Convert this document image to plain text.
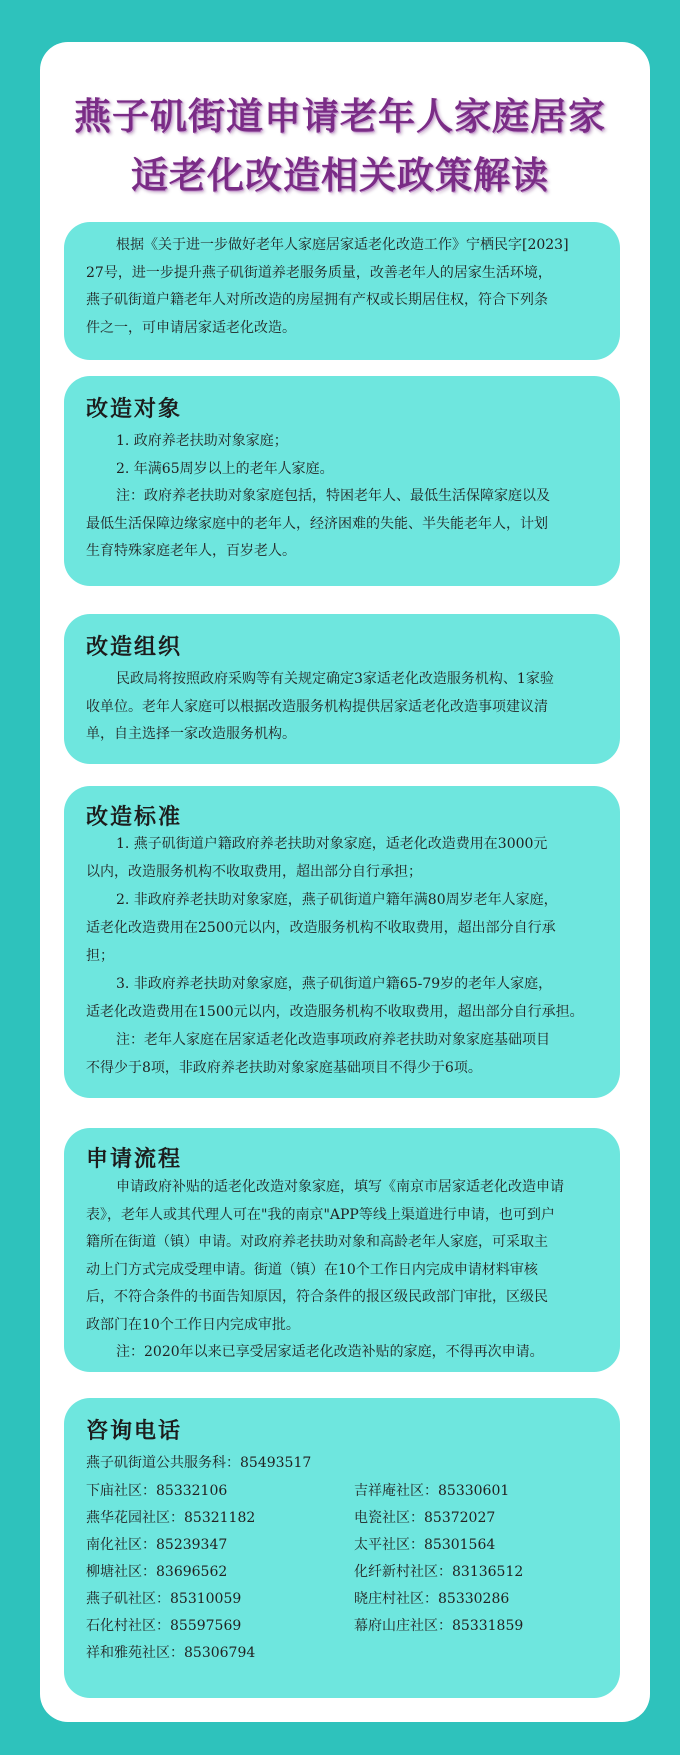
燕子矶街道申请老年人家庭居家
适老化改造相关政策解读
根据《关于进一步做好老年人家庭居家适老化改造工作》宁栖民字[2023]
27号，进一步提升燕子矶街道养老服务质量，改善老年人的居家生活环境，
燕子矶街道户籍老年人对所改造的房屋拥有产权或长期居住权，符合下列条
件之一，可申请居家适老化改造。
改造对象
1. 政府养老扶助对象家庭；
2. 年满65周岁以上的老年人家庭。
注：政府养老扶助对象家庭包括，特困老年人、最低生活保障家庭以及
最低生活保障边缘家庭中的老年人，经济困难的失能、半失能老年人，计划
生育特殊家庭老年人，百岁老人。
改造组织
民政局将按照政府采购等有关规定确定3家适老化改造服务机构、1家验
收单位。老年人家庭可以根据改造服务机构提供居家适老化改造事项建议清
单，自主选择一家改造服务机构。
改造标准
1. 燕子矶街道户籍政府养老扶助对象家庭，适老化改造费用在3000元
以内，改造服务机构不收取费用，超出部分自行承担；
2. 非政府养老扶助对象家庭，燕子矶街道户籍年满80周岁老年人家庭，
适老化改造费用在2500元以内，改造服务机构不收取费用，超出部分自行承
担；
3. 非政府养老扶助对象家庭，燕子矶街道户籍65-79岁的老年人家庭，
适老化改造费用在1500元以内，改造服务机构不收取费用，超出部分自行承担。
注：老年人家庭在居家适老化改造事项政府养老扶助对象家庭基础项目
不得少于8项，非政府养老扶助对象家庭基础项目不得少于6项。
申请流程
申请政府补贴的适老化改造对象家庭，填写《南京市居家适老化改造申请
表》，老年人或其代理人可在"我的南京"APP等线上渠道进行申请，也可到户
籍所在街道（镇）申请。对政府养老扶助对象和高龄老年人家庭，可采取主
动上门方式完成受理申请。街道（镇）在10个工作日内完成申请材料审核
后，不符合条件的书面告知原因，符合条件的报区级民政部门审批，区级民
政部门在10个工作日内完成审批。
注：2020年以来已享受居家适老化改造补贴的家庭，不得再次申请。
咨询电话
燕子矶街道公共服务科：85493517
下庙社区：85332106
燕华花园社区：85321182
南化社区：85239347
柳塘社区：83696562
燕子矶社区：85310059
石化村社区：85597569
祥和雅苑社区：85306794
吉祥庵社区：85330601
电瓷社区：85372027
太平社区：85301564
化纤新村社区：83136512
晓庄村社区：85330286
幕府山庄社区：85331859
